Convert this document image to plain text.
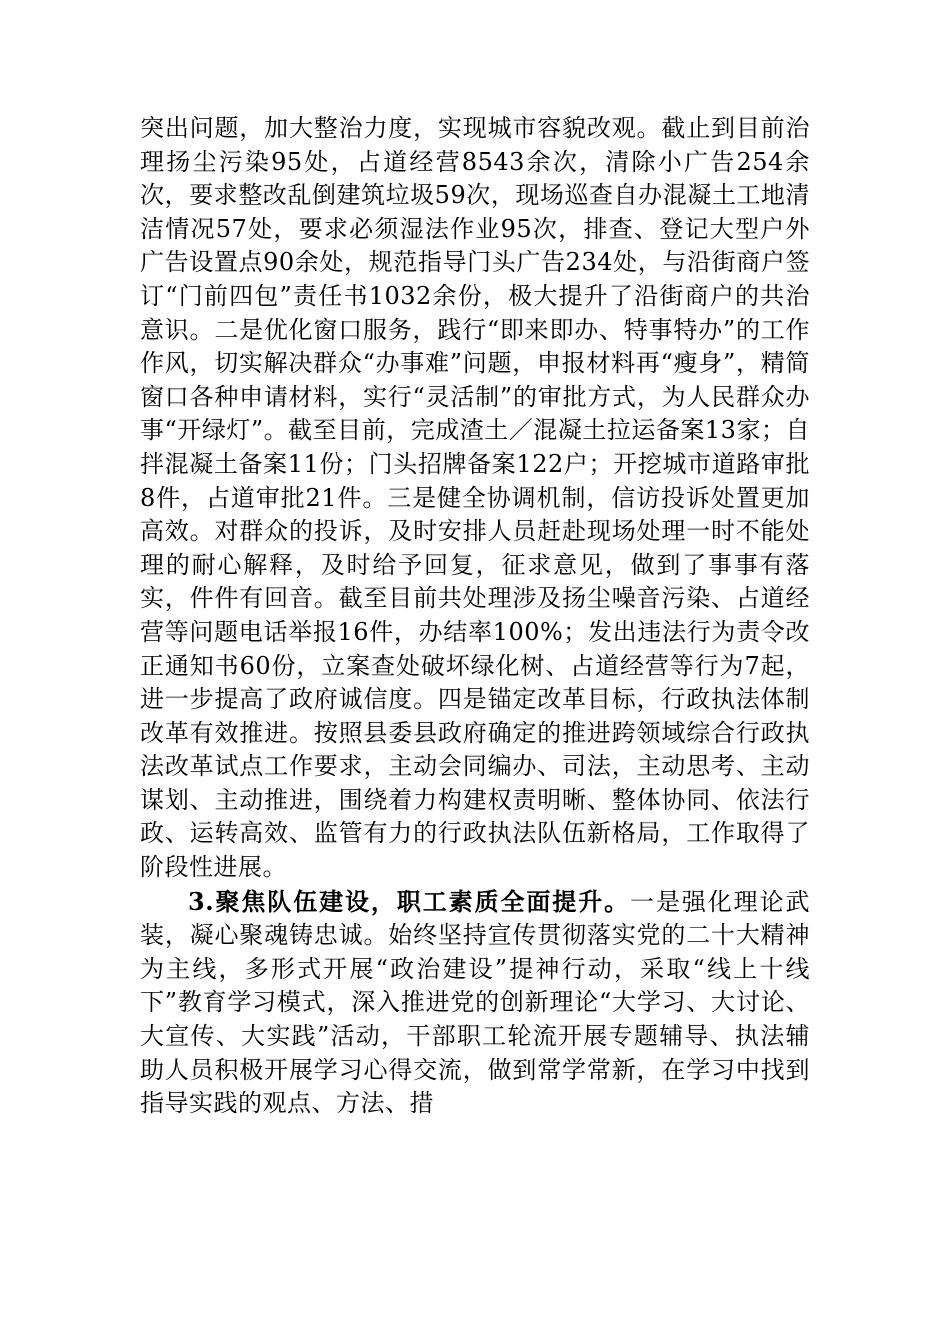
突出问题，加大整治力度，实现城市容貌改观。截止到目前治理扬尘污染95处，占道经营8543余次，清除小广告254余次，要求整改乱倒建筑垃圾59次，现场巡查自办混凝土工地清洁情况57处，要求必须湿法作业95次，排查、登记大型户外广告设置点90余处，规范指导门头广告234处，与沿街商户签订“门前四包”责任书1032余份，极大提升了沿街商户的共治意识。二是优化窗口服务，践行“即来即办、特事特办”的工作作风，切实解决群众“办事难”问题，申报材料再“瘦身”，精简窗口各种申请材料，实行“灵活制”的审批方式，为人民群众办事“开绿灯”。截至目前，完成渣土／混凝土拉运备案13家；自拌混凝土备案11份；门头招牌备案122户；开挖城市道路审批8件，占道审批21件。三是健全协调机制，信访投诉处置更加高效。对群众的投诉，及时安排人员赶赴现场处理一时不能处理的耐心解释，及时给予回复，征求意见，做到了事事有落实，件件有回音。截至目前共处理涉及扬尘噪音污染、占道经营等问题电话举报16件，办结率100%；发出违法行为责令改正通知书60份，立案查处破坏绿化树、占道经营等行为7起，进一步提高了政府诚信度。四是锚定改革目标，行政执法体制改革有效推进。按照县委县政府确定的推进跨领域综合行政执法改革试点工作要求，主动会同编办、司法，主动思考、主动谋划、主动推进，围绕着力构建权责明晰、整体协同、依法行政、运转高效、监管有力的行政执法队伍新格局，工作取得了阶段性进展。

3.聚焦队伍建设，职工素质全面提升。一是强化理论武装，凝心聚魂铸忠诚。始终坚持宣传贯彻落实党的二十大精神为主线，多形式开展“政治建设”提神行动，采取“线上十线下”教育学习模式，深入推进党的创新理论“大学习、大讨论、大宣传、大实践”活动，干部职工轮流开展专题辅导、执法辅助人员积极开展学习心得交流，做到常学常新，在学习中找到指导实践的观点、方法、措
